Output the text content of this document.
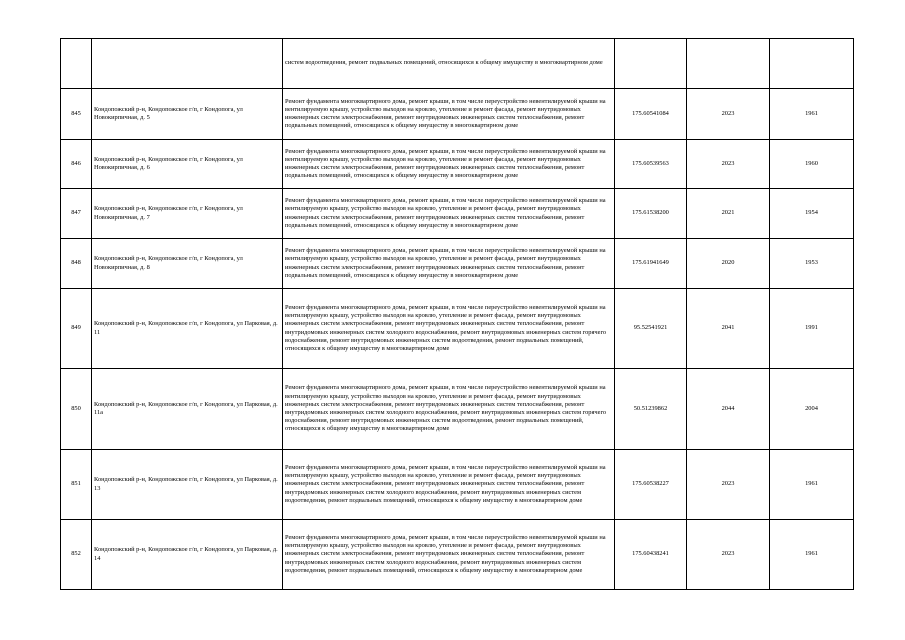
		систем водоотведения, ремонт подвальных помещений, относящихся к общему имуществу в многоквартирном доме			
845	Кондопожский р-н, Кондопожское г/п, г Кондопога, ул Новокирпичная, д. 5	Ремонт фундамента многоквартирного дома, ремонт крыши, в том числе переустройство невентилируемой крыши на вентилируемую крышу, устройство выходов на кровлю, утепление и ремонт фасада, ремонт внутридомовых инженерных систем электроснабжения, ремонт внутридомовых инженерных систем теплоснабжения, ремонт подвальных помещений, относящихся к общему имуществу в многоквартирном доме	175.60541084	2023	1961
846	Кондопожский р-н, Кондопожское г/п, г Кондопога, ул Новокирпичная, д. 6	Ремонт фундамента многоквартирного дома, ремонт крыши, в том числе переустройство невентилируемой крыши на вентилируемую крышу, устройство выходов на кровлю, утепление и ремонт фасада, ремонт внутридомовых инженерных систем электроснабжения, ремонт внутридомовых инженерных систем теплоснабжения, ремонт подвальных помещений, относящихся к общему имуществу в многоквартирном доме	175.60539563	2023	1960
847	Кондопожский р-н, Кондопожское г/п, г Кондопога, ул Новокирпичная, д. 7	Ремонт фундамента многоквартирного дома, ремонт крыши, в том числе переустройство невентилируемой крыши на вентилируемую крышу, устройство выходов на кровлю, утепление и ремонт фасада, ремонт внутридомовых инженерных систем электроснабжения, ремонт внутридомовых инженерных систем теплоснабжения, ремонт подвальных помещений, относящихся к общему имуществу в многоквартирном доме	175.61538200	2021	1954
848	Кондопожский р-н, Кондопожское г/п, г Кондопога, ул Новокирпичная, д. 8	Ремонт фундамента многоквартирного дома, ремонт крыши, в том числе переустройство невентилируемой крыши на вентилируемую крышу, устройство выходов на кровлю, утепление и ремонт фасада, ремонт внутридомовых инженерных систем электроснабжения, ремонт внутридомовых инженерных систем теплоснабжения, ремонт подвальных помещений, относящихся к общему имуществу в многоквартирном доме	175.61941649	2020	1953
849	Кондопожский р-н, Кондопожское г/п, г Кондопога, ул Парковая, д. 11	Ремонт фундамента многоквартирного дома, ремонт крыши, в том числе переустройство невентилируемой крыши на вентилируемую крышу, устройство выходов на кровлю, утепление и ремонт фасада, ремонт внутридомовых инженерных систем электроснабжения, ремонт внутридомовых инженерных систем теплоснабжения, ремонт внутридомовых инженерных систем холодного водоснабжения, ремонт внутридомовых инженерных систем горячего водоснабжения, ремонт внутридомовых инженерных систем водоотведения, ремонт подвальных помещений, относящихся к общему имуществу в многоквартирном доме	95.52541921	2041	1991
850	Кондопожский р-н, Кондопожское г/п, г Кондопога, ул Парковая, д. 11а	Ремонт фундамента многоквартирного дома, ремонт крыши, в том числе переустройство невентилируемой крыши на вентилируемую крышу, устройство выходов на кровлю, утепление и ремонт фасада, ремонт внутридомовых инженерных систем электроснабжения, ремонт внутридомовых инженерных систем теплоснабжения, ремонт внутридомовых инженерных систем холодного водоснабжения, ремонт внутридомовых инженерных систем горячего водоснабжения, ремонт внутридомовых инженерных систем водоотведения, ремонт подвальных помещений, относящихся к общему имуществу в многоквартирном доме	50.51239862	2044	2004
851	Кондопожский р-н, Кондопожское г/п, г Кондопога, ул Парковая, д. 13	Ремонт фундамента многоквартирного дома, ремонт крыши, в том числе переустройство невентилируемой крыши на вентилируемую крышу, устройство выходов на кровлю, утепление и ремонт фасада, ремонт внутридомовых инженерных систем электроснабжения, ремонт внутридомовых инженерных систем теплоснабжения, ремонт внутридомовых инженерных систем холодного водоснабжения, ремонт внутридомовых инженерных систем водоотведения, ремонт подвальных помещений, относящихся к общему имуществу в многоквартирном доме	175.60538227	2023	1961
852	Кондопожский р-н, Кондопожское г/п, г Кондопога, ул Парковая, д. 14	Ремонт фундамента многоквартирного дома, ремонт крыши, в том числе переустройство невентилируемой крыши на вентилируемую крышу, устройство выходов на кровлю, утепление и ремонт фасада, ремонт внутридомовых инженерных систем электроснабжения, ремонт внутридомовых инженерных систем теплоснабжения, ремонт внутридомовых инженерных систем холодного водоснабжения, ремонт внутридомовых инженерных систем водоотведения, ремонт подвальных помещений, относящихся к общему имуществу в многоквартирном доме	175.60438241	2023	1961
